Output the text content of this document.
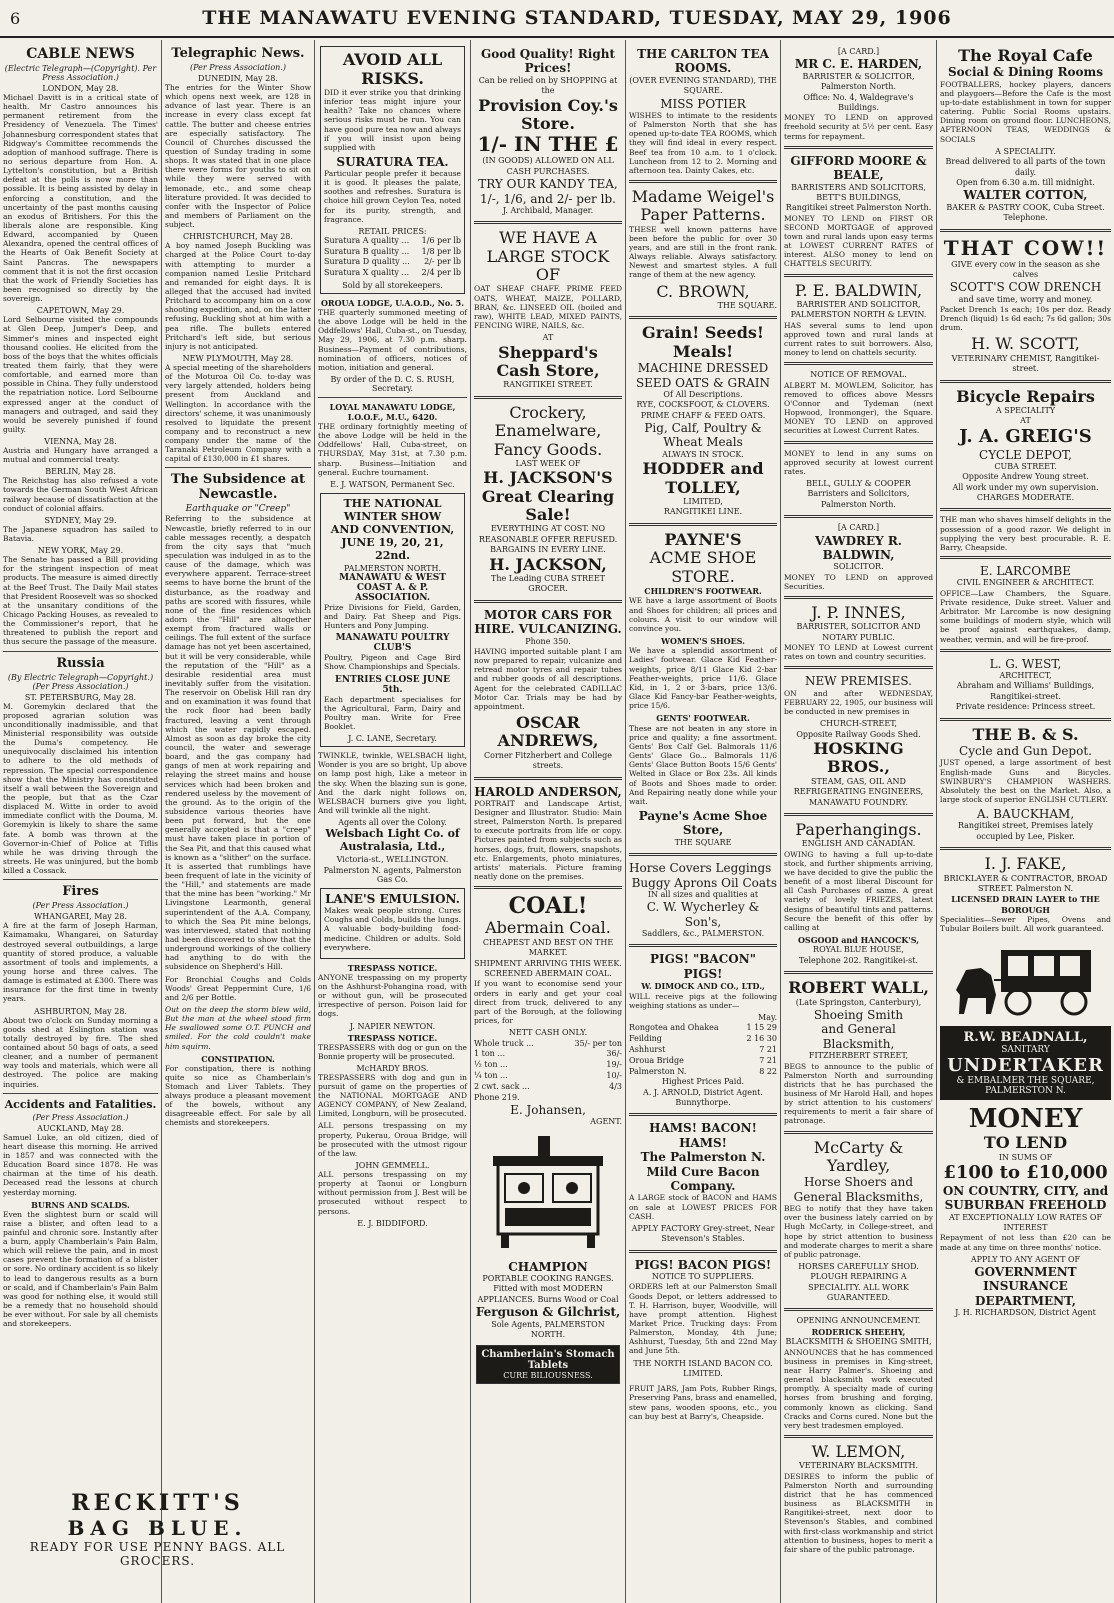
6	THE MANAWATU EVENING STANDARD, TUESDAY, MAY 29, 1906
CABLE NEWS
(Electric Telegraph—(Copyright). Per Press Association.)
LONDON, May 28.
Michael Davitt is in a critical state of health. Mr Castro announces his permanent retirement from the Presidency of Venezuela. The Times' Johannesburg correspondent states that Ridgway's Committee recommends the adoption of manhood suffrage. There is no serious departure from Hon. A. Lyttelton's constitution, but a British defeat at the polls is now more than possible. It is being assisted by delay in enforcing a constitution, and the uncertainty of the past months causing an exodus of Britishers. For this the liberals alone are responsible. King Edward, accompanied by Queen Alexandra, opened the central offices of the Hearts of Oak Benefit Society at Saint Pancras. The newspapers comment that it is not the first occasion that the work of Friendly Societies has been recognised so directly by the sovereign.
CAPETOWN, May 29.
Lord Selbourne visited the compounds at Glen Deep, Jumper's Deep, and Simmer's mines and inspected eight thousand coolies. He elicited from the boss of the boys that the whites officials treated them fairly, that they were comfortable, and earned more than possible in China. They fully understood the repatriation notice. Lord Selbourne expressed anger at the conduct of managers and outraged, and said they would be severely punished if found guilty.
VIENNA, May 28.
Austria and Hungary have arranged a mutual and commercial treaty.
BERLIN, May 28.
The Reichstag has also refused a vote towards the German South West African railway because of dissatisfaction at the conduct of colonial affairs.
SYDNEY, May 29.
The Japanese squadron has sailed to Batavia.
NEW YORK, May 29.
The Senate has passed a Bill providing for the stringent inspection of meat products. The measure is aimed directly at the Beef Trust. The Daily Mail states that President Roosevelt was so shocked at the unsanitary conditions of the Chicago Packing Houses, as revealed to the Commissioner's report, that he threatened to publish the report and thus secure the passage of the measure.
Russia
(By Electric Telegraph—Copyright.) (Per Press Association.)
ST. PETERSBURG, May 28.
M. Goremykin declared that the proposed agrarian solution was unconditionally inadmissible, and that Ministerial responsibility was outside the Duma's competency. He unequivocally disclaimed his intention to adhere to the old methods of repression. The special correspondence show that the Ministry has constituted itself a wall between the Sovereign and the people, but that as the Czar displaced M. Witte in order to avoid immediate conflict with the Douma, M. Goremykin is likely to share the same fate. A bomb was thrown at the Governor-in-Chief of Police at Tiflis while he was driving through the streets. He was uninjured, but the bomb killed a Cossack.
Fires
(Per Press Association.)
WHANGAREI, May 28.
A fire at the farm of Joseph Harman, Kaimamaku, Whangarei, on Saturday destroyed several outbuildings, a large quantity of stored produce, a valuable assortment of tools and implements, a young horse and three calves. The damage is estimated at £300. There was insurance for the first time in twenty years.
ASHBURTON, May 28.
About two o'clock on Sunday morning a goods shed at Eslington station was totally destroyed by fire. The shed contained about 50 bags of oats, a seed cleaner, and a number of permanent way tools and materials, which were all destroyed. The police are making inquiries.
Accidents and Fatalities.
(Per Press Association.)
AUCKLAND, May 28.
Samuel Luke, an old citizen, died of heart disease this morning. He arrived in 1857 and was connected with the Education Board since 1878. He was chairman at the time of his death. Deceased read the lessons at church yesterday morning.
BURNS AND SCALDS.
Even the slightest burn or scald will raise a blister, and often lead to a painful and chronic sore. Instantly after a burn, apply Chamberlain's Pain Balm, which will relieve the pain, and in most cases prevent the formation of a blister or sore. No ordinary accident is so likely to lead to dangerous results as a burn or scald, and if Chamberlain's Pain Balm was good for nothing else, it would still be a remedy that no household should be ever without. For sale by all chemists and storekeepers.
Telegraphic News.
(Per Press Association.)
DUNEDIN, May 28.
The entries for the Winter Show which opens next week, are 128 in advance of last year. There is an increase in every class except fat cattle. The butter and cheese entries are especially satisfactory. The Council of Churches discussed the question of Sunday trading in some shops. It was stated that in one place there were forms for youths to sit on while they were served with lemonade, etc., and some cheap literature provided. It was decided to confer with the Inspector of Police and members of Parliament on the subject.
CHRISTCHURCH, May 28.
A boy named Joseph Buckling was charged at the Police Court to-day with attempting to murder a companion named Leslie Pritchard and remanded for eight days. It is alleged that the accused had invited Pritchard to accompany him on a cow shooting expedition, and, on the latter refusing, Buckling shot at him with a pea rifle. The bullets entered Pritchard's left side, but serious injury is not anticipated.
NEW PLYMOUTH, May 28.
A special meeting of the shareholders of the Moturoa Oil Co. to-day was very largely attended, holders being present from Auckland and Wellington. In accordance with the directors' scheme, it was unanimously resolved to liquidate the present company and to reconstruct a new company under the name of the Taranaki Petroleum Company with a capital of £130,000 in £1 shares.
The Subsidence at Newcastle.
Earthquake or "Creep"
Referring to the subsidence at Newcastle, briefly referred to in our cable messages recently, a despatch from the city says that "much speculation was indulged in as to the cause of the damage, which was everywhere apparent. Terrace-street seems to have borne the brunt of the disturbance, as the roadway and paths are scored with fissures, while none of the fine residences which adorn the "Hill" are altogether exempt from fractured walls or ceilings. The full extent of the surface damage has not yet been ascertained, but it will be very considerable, while the reputation of the "Hill" as a desirable residential area must inevitably suffer from the visitation. The reservoir on Obelisk Hill ran dry and on examination it was found that the rock floor had been badly fractured, leaving a vent through which the water rapidly escaped. Almost as soon as day broke the city council, the water and sewerage board, and the gas company had gangs of men at work repairing and relaying the street mains and house services which had been broken and rendered useless by the movement of the ground. As to the origin of the subsidence various theories have been put forward, but the one generally accepted is that a "creep" must have taken place in portion of the Sea Pit, and that this caused what is known as a "slither" on the surface. It is asserted that rumblings have been frequent of late in the vicinity of the "Hill," and statements are made that the mine has been "working." Mr Livingstone Learmonth, general superintendent of the A.A. Company, to which the Sea Pit mine belongs, was interviewed, stated that nothing had been discovered to show that the underground workings of the colliery had anything to do with the subsidence on Shepherd's Hill.
For Bronchial Coughs and Colds Woods' Great Peppermint Cure, 1/6 and 2/6 per Bottle.
Out on the deep the storm blew wild, But the man at the wheel stood firm He swallowed some O.T. PUNCH and smiled. For the cold couldn't make him squirm.
CONSTIPATION.
For constipation, there is nothing quite so nice as Chamberlain's Stomach and Liver Tablets. They always produce a pleasant movement of the bowels, without any disagreeable effect. For sale by all chemists and storekeepers.
AVOID ALL RISKS.
DID it ever strike you that drinking inferior teas might injure your health? Take no chances where serious risks must be run. You can have good pure tea now and always if you will insist upon being supplied with
SURATURA TEA.
Particular people prefer it because it is good. It pleases the palate, soothes and refreshes. Suratura is choice hill grown Ceylon Tea, noted for its purity, strength, and fragrance.
RETAIL PRICES:
Suratura A quality ... 1/6 per lb
Suratura B quality ... 1/8 per lb
Suratura D quality ... 2/- per lb
Suratura X quality ... 2/4 per lb
Sold by all storekeepers.
OROUA LODGE, U.A.O.D., No. 5.
THE quarterly summoned meeting of the above Lodge will be held in the Oddfellows' Hall, Cuba-st., on Tuesday, May 29, 1906, at 7.30 p.m. sharp. Business—Payment of contributions, nomination of officers, notices of motion, initiation and general.
By order of the D. C. S. RUSH, Secretary.
LOYAL MANAWATU LODGE, I.O.O.F., M.U., 6420.
THE ordinary fortnightly meeting of the above Lodge will be held in the Oddfellows' Hall, Cuba-street, on THURSDAY, May 31st, at 7.30 p.m. sharp. Business—Initiation and general. Euchre tournament.
E. J. WATSON, Permanent Sec.
THE NATIONAL
WINTER SHOW
AND CONVENTION,
JUNE 19, 20, 21, 22nd.
PALMERSTON NORTH.
MANAWATU & WEST COAST A. & P. ASSOCIATION.
Prize Divisions for Field, Garden, and Dairy. Fat Sheep and Pigs. Hunters and Pony Jumping.
MANAWATU POULTRY CLUB'S
Poultry, Pigeon and Cage Bird Show. Championships and Specials.
ENTRIES CLOSE JUNE 5th.
Each department specialises for the Agricultural, Farm, Dairy and Poultry man. Write for Free Booklet.
J. C. LANE, Secretary.
TWINKLE, twinkle, WELSBACH light, Wonder is you are so bright, Up above on lamp post high, Like a meteor in the sky. When the blazing sun is gone, And the dark night follows on, WELSBACH burners give you light, And will twinkle all the night.
Agents all over the Colony.
Welsbach Light Co. of Australasia, Ltd.,
Victoria-st., WELLINGTON.
Palmerston N. agents, Palmerston Gas Co.
LANE'S EMULSION.
Makes weak people strong. Cures Coughs and Colds, builds the lungs. A valuable body-building food-medicine. Children or adults. Sold everywhere.
TRESPASS NOTICE.
ANYONE trespassing on my property on the Ashhurst-Pohangina road, with or without gun, will be prosecuted irrespective of person. Poison laid for dogs.
J. NAPIER NEWTON.
TRESPASS NOTICE.
TRESPASSERS with dog or gun on the Bonnie property will be prosecuted.
McHARDY BROS.
TRESPASSERS with dog and gun in pursuit of game on the properties of the NATIONAL MORTGAGE AND AGENCY COMPANY, of New Zealand, Limited, Longburn, will be prosecuted.
ALL persons trespassing on my property, Pukerau, Oroua Bridge, will be prosecuted with the utmost rigour of the law.
JOHN GEMMELL.
ALL persons trespassing on my property at Taonui or Longburn without permission from J. Best will be prosecuted without respect to persons.
E. J. BIDDIFORD.
Good Quality! Right Prices!
Can be relied on by SHOPPING at the
Provision Coy.'s Store.
1/- IN THE £
(IN GOODS) ALLOWED ON ALL CASH PURCHASES.
TRY OUR KANDY TEA, 1/-, 1/6, and 2/- per lb.
J. Archibald, Manager.
WE HAVE A LARGE STOCK OF
OAT SHEAF CHAFF. PRIME FEED OATS, WHEAT, MAIZE, POLLARD, BRAN, &c. LINSEED OIL (boiled and raw), WHITE LEAD, MIXED PAINTS, FENCING WIRE, NAILS, &c.
AT
Sheppard's Cash Store,
RANGITIKEI STREET.
Crockery, Enamelware, Fancy Goods.
LAST WEEK OF
H. JACKSON'S
Great Clearing Sale!
EVERYTHING AT COST. NO REASONABLE OFFER REFUSED. BARGAINS IN EVERY LINE.
H. JACKSON,
The Leading CUBA STREET GROCER.
MOTOR CARS FOR HIRE. VULCANIZING.
Phone 350.
HAVING imported suitable plant I am now prepared to repair, vulcanize and retread motor tyres and repair tubes and rubber goods of all descriptions. Agent for the celebrated CADILLAC Motor Car. Trials may be had by appointment.
OSCAR ANDREWS,
Corner Fitzherbert and College streets.
HAROLD ANDERSON,
PORTRAIT and Landscape Artist, Designer and Illustrator. Studio: Main street, Palmerston North. Is prepared to execute portraits from life or copy. Pictures painted from subjects such as horses, dogs, fruit, flowers, snapshots, etc. Enlargements, photo miniatures, artists' materials. Picture framing neatly done on the premises.
COAL!
Abermain Coal.
CHEAPEST AND BEST ON THE MARKET.
SHIPMENT ARRIVING THIS WEEK.
SCREENED ABERMAIN COAL.
If you want to economise send your orders in early and get your coal direct from truck, delivered to any part of the Borough, at the following prices, for
NETT CASH ONLY.
Whole truck ...	35/- per ton
1 ton ...	36/-
½ ton ...	19/-
¼ ton ...	10/-
2 cwt. sack ...	4/3
Phone 219.
E. Johansen,
AGENT.
CHAMPION
PORTABLE COOKING RANGES. Fitted with most MODERN APPLIANCES. Burns Wood or Coal
Ferguson & Gilchrist,
Sole Agents, PALMERSTON NORTH.
Chamberlain's Stomach Tablets
CURE BILIOUSNESS.
THE CARLTON TEA ROOMS.
(OVER EVENING STANDARD), THE SQUARE.
MISS POTIER
WISHES to intimate to the residents of Palmerston North that she has opened up-to-date TEA ROOMS, which they will find ideal in every respect. Beef tea from 10 a.m. to 1 o'clock. Luncheon from 12 to 2. Morning and afternoon tea. Dainty Cakes, etc.
Madame Weigel's Paper Patterns.
THESE well known patterns have been before the public for over 30 years, and are still in the front rank. Always reliable. Always satisfactory. Newest and smartest styles. A full range of them at the new agency.
C. BROWN,
THE SQUARE.
Grain! Seeds! Meals!
MACHINE DRESSED
SEED OATS & GRAIN
Of All Descriptions.
RYE, COCKSFOOT, & CLOVERS.
PRIME CHAFF & FEED OATS.
Pig, Calf, Poultry & Wheat Meals
ALWAYS IN STOCK.
HODDER and TOLLEY,
LIMITED,
RANGITIKEI LINE.
PAYNE'S
ACME SHOE STORE.
CHILDREN'S FOOTWEAR.
WE have a large assortment of Boots and Shoes for children; all prices and colours. A visit to our window will convince you.
WOMEN'S SHOES.
We have a splendid assortment of Ladies' footwear. Glace Kid Feather-weights, price 8/11 Glace Kid 2-bar Feather-weights, price 11/6. Glace Kid, in 1, 2 or 3-bars, price 13/6. Glace Kid Fancy-bar Feather-weights, price 15/6.
GENTS' FOOTWEAR.
These are not beaten in any store in price and quality; a fine assortment. Gents' Box Calf Gel. Balmorals 11/6 Gents' Glace Go... Balmorals 11/6 Gents' Glace Button Boots 15/6 Gents' Welted in Glace or Box 23s. All kinds of Boots and Shoes made to order. And Repairing neatly done while your wait.
Payne's Acme Shoe Store,
THE SQUARE
Horse Covers Leggings
Buggy Aprons Oil Coats
IN all sizes and qualities at
C. W. Wycherley & Son's,
Saddlers, &c., PALMERSTON.
PIGS! "BACON" PIGS!
W. DIMOCK AND CO., LTD.,
WILL receive pigs at the following weighing stations as under—
May.
Rongotea and Ohakea	1 15 29
Feilding	2 16 30
Ashhurst	7 21
Oroua Bridge	7 21
Palmerston N.	8 22
Highest Prices Paid.
A. J. ARNOLD, District Agent. Bunnythorpe.
HAMS! BACON! HAMS!
The Palmerston N. Mild Cure Bacon Company.
A LARGE stock of BACON and HAMS on sale at LOWEST PRICES FOR CASH.
APPLY FACTORY Grey-street, Near Stevenson's Stables.
PIGS! BACON PIGS!
NOTICE TO SUPPLIERS.
ORDERS left at our Palmerston Small Goods Depot, or letters addressed to T. H. Harrison, buyer, Woodville, will have prompt attention. Highest Market Price. Trucking days: From Palmerston, Monday, 4th June; Ashhurst, Tuesday, 5th and 22nd May and June 5th.
THE NORTH ISLAND BACON CO. LIMITED.
FRUIT JARS, Jam Pots, Rubber Rings, Preserving Pans, brass and enamelled, stew pans, wooden spoons, etc., you can buy best at Barry's, Cheapside.
[A CARD.]
MR C. E. HARDEN,
BARRISTER & SOLICITOR, Palmerston North.
Office: No. 4, Waldegrave's Buildings.
MONEY TO LEND on approved freehold security at 5½ per cent. Easy terms for repayment.
GIFFORD MOORE & BEALE,
BARRISTERS AND SOLICITORS, BETT'S BUILDINGS,
Rangitikei street Palmerston North.
MONEY TO LEND on FIRST OR SECOND MORTGAGE of approved town and rural lands upon easy terms at LOWEST CURRENT RATES of interest. ALSO money to lend on CHATTELS SECURITY.
P. E. BALDWIN,
BARRISTER AND SOLICITOR, PALMERSTON NORTH & LEVIN.
HAS several sums to lend upon approved town and rural lands at current rates to suit borrowers. Also, money to lend on chattels security.
NOTICE OF REMOVAL.
ALBERT M. MOWLEM, Solicitor, has removed to offices above Messrs O'Connor and Tydeman (next Hopwood, Ironmonger), the Square. MONEY TO LEND on approved securities at Lowest Current Rates.
MONEY to lend in any sums on approved security at lowest current rates.
BELL, GULLY & COOPER
Barristers and Solicitors, Palmerston North.
[A CARD.]
VAWDREY R. BALDWIN,
SOLICITOR.
MONEY TO LEND on approved Securities.
J. P. INNES,
BARRISTER, SOLICITOR AND NOTARY PUBLIC.
MONEY TO LEND at Lowest current rates on town and country securities.
NEW PREMISES.
ON and after WEDNESDAY, FEBRUARY 22, 1905, our business will be conducted in new premises in
CHURCH-STREET,
Opposite Railway Goods Shed.
HOSKING BROS.,
STEAM, GAS, OIL AND
REFRIGERATING ENGINEERS, MANAWATU FOUNDRY.
Paperhangings.
ENGLISH AND CANADIAN.
OWING to having a full up-to-date stock, and further shipments arriving, we have decided to give the public the benefit of a most liberal Discount for all Cash Purchases of same. A great variety of lovely FRIEZES, latest designs of beautiful tints and patterns. Secure the benefit of this offer by calling at
OSGOOD and HANCOCK'S,
ROYAL BLUE HOUSE,
Telephone 202. Rangitikei-st.
ROBERT WALL,
(Late Springston, Canterbury),
Shoeing Smith
and General Blacksmith,
FITZHERBERT STREET,
BEGS to announce to the public of Palmerston North and surrounding districts that he has purchased the business of Mr Harold Hall, and hopes by strict attention to his customers' requirements to merit a fair share of patronage.
McCarty & Yardley,
Horse Shoers and General Blacksmiths,
BEG to notify that they have taken over the business lately carried on by Hugh McCarty, in College-street, and hope by strict attention to business and moderate charges to merit a share of public patronage.
HORSES CAREFULLY SHOD. PLOUGH REPAIRING A SPECIALITY. ALL WORK GUARANTEED.
OPENING ANNOUNCEMENT.
RODERICK SHEEHY,
BLACKSMITH & SHOEING SMITH,
ANNOUNCES that he has commenced business in premises in King-street, near Harry Palmer's. Shoeing and general blacksmith work executed promptly. A specialty made of curing horses from brushing and forging, commonly known as clicking. Sand Cracks and Corns cured. None but the very best tradesmen employed.
W. LEMON,
VETERINARY BLACKSMITH.
DESIRES to inform the public of Palmerston North and surrounding district that he has commenced business as BLACKSMITH in Rangitikei-street, next door to Stevenson's Stables, and combined with first-class workmanship and strict attention to business, hopes to merit a fair share of the public patronage.
The Royal Cafe
Social & Dining Rooms
FOOTBALLERS, hockey players, dancers and playgoers—Before the Cafe is the most up-to-date establishment in town for supper catering. Public Social Rooms upstairs. Dining room on ground floor. LUNCHEONS, AFTERNOON TEAS, WEDDINGS & SOCIALS
A SPECIALITY.
Bread delivered to all parts of the town daily.
Open from 6.30 a.m. till midnight.
WALTER COTTON,
BAKER & PASTRY COOK, Cuba Street. Telephone.
THAT COW!!
GIVE every cow in the season as she calves
SCOTT'S COW DRENCH
and save time, worry and money.
Packet Drench 1s each; 10s per doz. Ready Drench (liquid) 1s 6d each; 7s 6d gallon; 30s drum.
H. W. SCOTT,
VETERINARY CHEMIST, Rangitikei-street.
Bicycle Repairs
A SPECIALITY
AT
J. A. GREIG'S
CYCLE DEPOT,
CUBA STREET.
Opposite Andrew Young street.
All work under my own supervision. CHARGES MODERATE.
THE man who shaves himself delights in the possession of a good razor. We delight in supplying the very best procurable. R. E. Barry, Cheapside.
E. LARCOMBE
CIVIL ENGINEER & ARCHITECT.
OFFICE—Law Chambers, the Square. Private residence, Duke street. Valuer and Arbitrator. Mr Larcombe is now designing some buildings of modern style, which will be proof against earthquakes, damp, weather, vermin, and will be fire-proof.
L. G. WEST,
ARCHITECT,
Abraham and Williams' Buildings, Rangitikei-street.
Private residence: Princess street.
THE B. & S.
Cycle and Gun Depot.
JUST opened, a large assortment of best English-made Guns and Bicycles. SWINBURY'S CHAMPION WASHERS. Absolutely the best on the Market. Also, a large stock of superior ENGLISH CUTLERY.
A. BAUCKHAM,
Rangitikei street, Premises lately occupied by Lee, Pisker.
I. J. FAKE,
BRICKLAYER & CONTRACTOR, BROAD STREET. Palmerston N.
LICENSED DRAIN LAYER to THE BOROUGH
Specialities—Sewer Pipes, Ovens and Tubular Boilers built. All work guaranteed.
R.W. BEADNALL,
SANITARY
UNDERTAKER
& EMBALMER THE SQUARE, PALMERSTON N.
MONEY
TO LEND
IN SUMS OF
£100 to £10,000
ON COUNTRY, CITY, and SUBURBAN FREEHOLD
AT EXCEPTIONALLY LOW RATES OF INTEREST
Repayment of not less than £20 can be made at any time on three months' notice.
APPLY TO ANY AGENT OF
GOVERNMENT INSURANCE DEPARTMENT,
J. H. RICHARDSON, District Agent
RECKITT'S
BAG BLUE.
READY FOR USE PENNY BAGS. ALL GROCERS.
